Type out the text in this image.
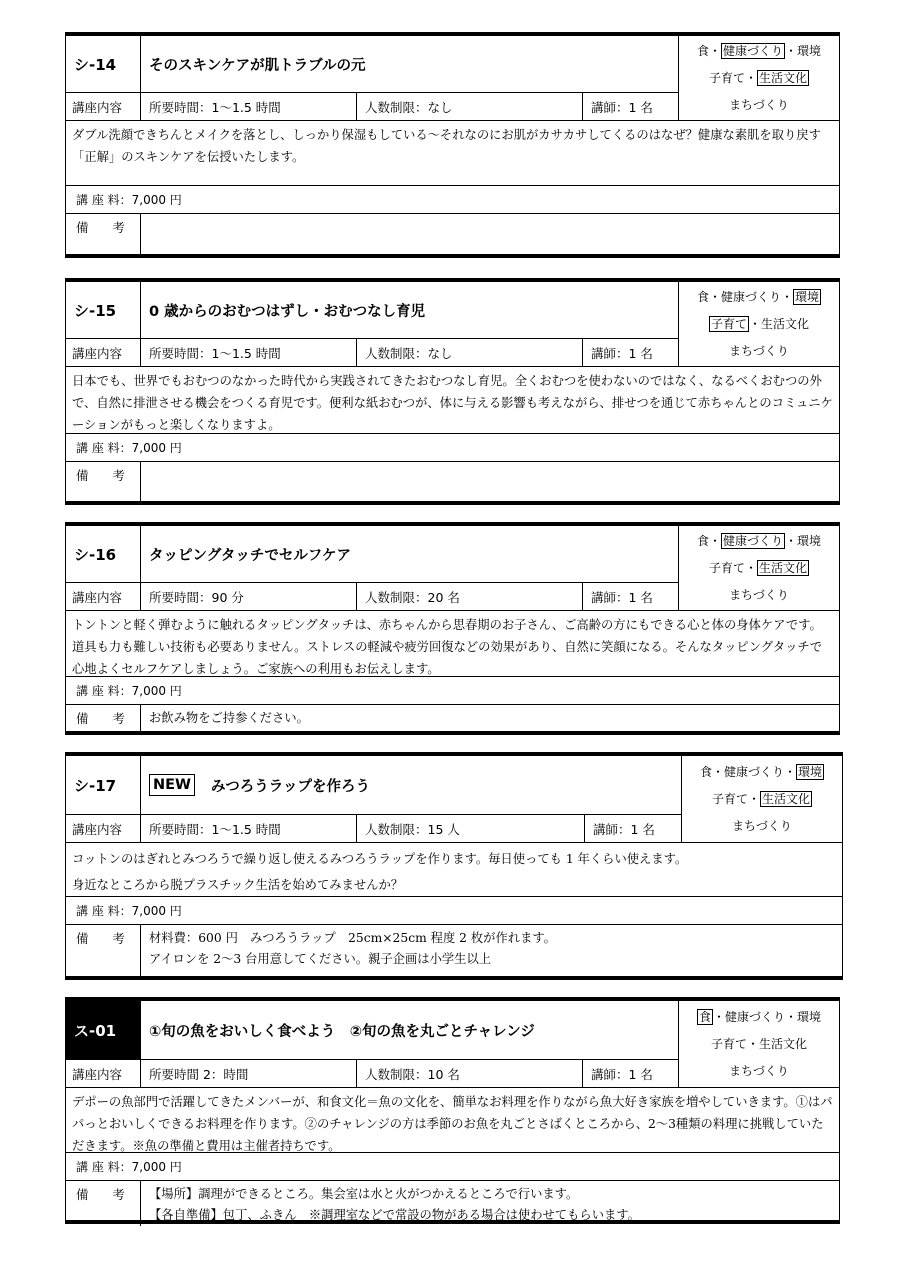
シ-14	そのスキンケアが肌トラブルの元
講座内容	所要時間：1～1.5 時間	人数制限：なし	講師：1 名
食・ 健康づくり ・環境
子育て・ 生活文化
まちづくり
ダブル洗顔できちんとメイクを落とし、しっかり保湿もしている～それなのにお肌がカサカサしてくるのはなぜ？健康な素肌を取り戻す「正解」のスキンケアを伝授いたします。
講 座 料：7,000 円
備 考
シ-15	0 歳からのおむつはずし・おむつなし育児
講座内容	所要時間：1～1.5 時間	人数制限：なし	講師：1 名
食・健康づくり・ 環境
子育て ・生活文化
まちづくり
日本でも、世界でもおむつのなかった時代から実践されてきたおむつなし育児。全くおむつを使わないのではなく、なるべくおむつの外で、自然に排泄させる機会をつくる育児です。便利な紙おむつが、体に与える影響も考えながら、排せつを通じて赤ちゃんとのコミュニケーションがもっと楽しくなりますよ。
講 座 料：7,000 円
備 考
シ-16	タッピングタッチでセルフケア
講座内容	所要時間：90 分	人数制限：20 名	講師：1 名
食・ 健康づくり ・環境
子育て・ 生活文化
まちづくり
トントンと軽く弾むように触れるタッピングタッチは、赤ちゃんから思春期のお子さん、ご高齢の方にもできる心と体の身体ケアです。道具も力も難しい技術も必要ありません。ストレスの軽減や疲労回復などの効果があり、自然に笑顔になる。そんなタッピングタッチで心地よくセルフケアしましょう。ご家族への利用もお伝えします。
講 座 料：7,000 円
備 考	お飲み物をご持参ください。
シ-17	NEW みつろうラップを作ろう
講座内容	所要時間：1～1.5 時間	人数制限：15 人	講師：1 名
食・健康づくり・ 環境
子育て・ 生活文化
まちづくり
コットンのはぎれとみつろうで繰り返し使えるみつろうラップを作ります。毎日使っても 1 年くらい使えます。
身近なところから脱プラスチック生活を始めてみませんか？
講 座 料：7,000 円
備 考	材料費：600 円　みつろうラップ　25cm×25cm 程度 2 枚が作れます。
アイロンを 2～3 台用意してください。親子企画は小学生以上
ス-01	①旬の魚をおいしく食べよう　②旬の魚を丸ごとチャレンジ
講座内容	所要時間 2：時間	人数制限：10 名	講師：1 名
食 ・健康づくり・環境
子育て・生活文化
まちづくり
デポーの魚部門で活躍してきたメンバーが、和食文化＝魚の文化を、簡単なお料理を作りながら魚大好き家族を増やしていきます。①はパパっとおいしくできるお料理を作ります。②のチャレンジの方は季節のお魚を丸ごとさばくところから、2～3種類の料理に挑戦していただきます。※魚の準備と費用は主催者持ちです。
講 座 料：7,000 円
備 考	【場所】調理ができるところ。集会室は水と火がつかえるところで行います。
【各自準備】包丁、ふきん　※調理室などで常設の物がある場合は使わせてもらいます。
